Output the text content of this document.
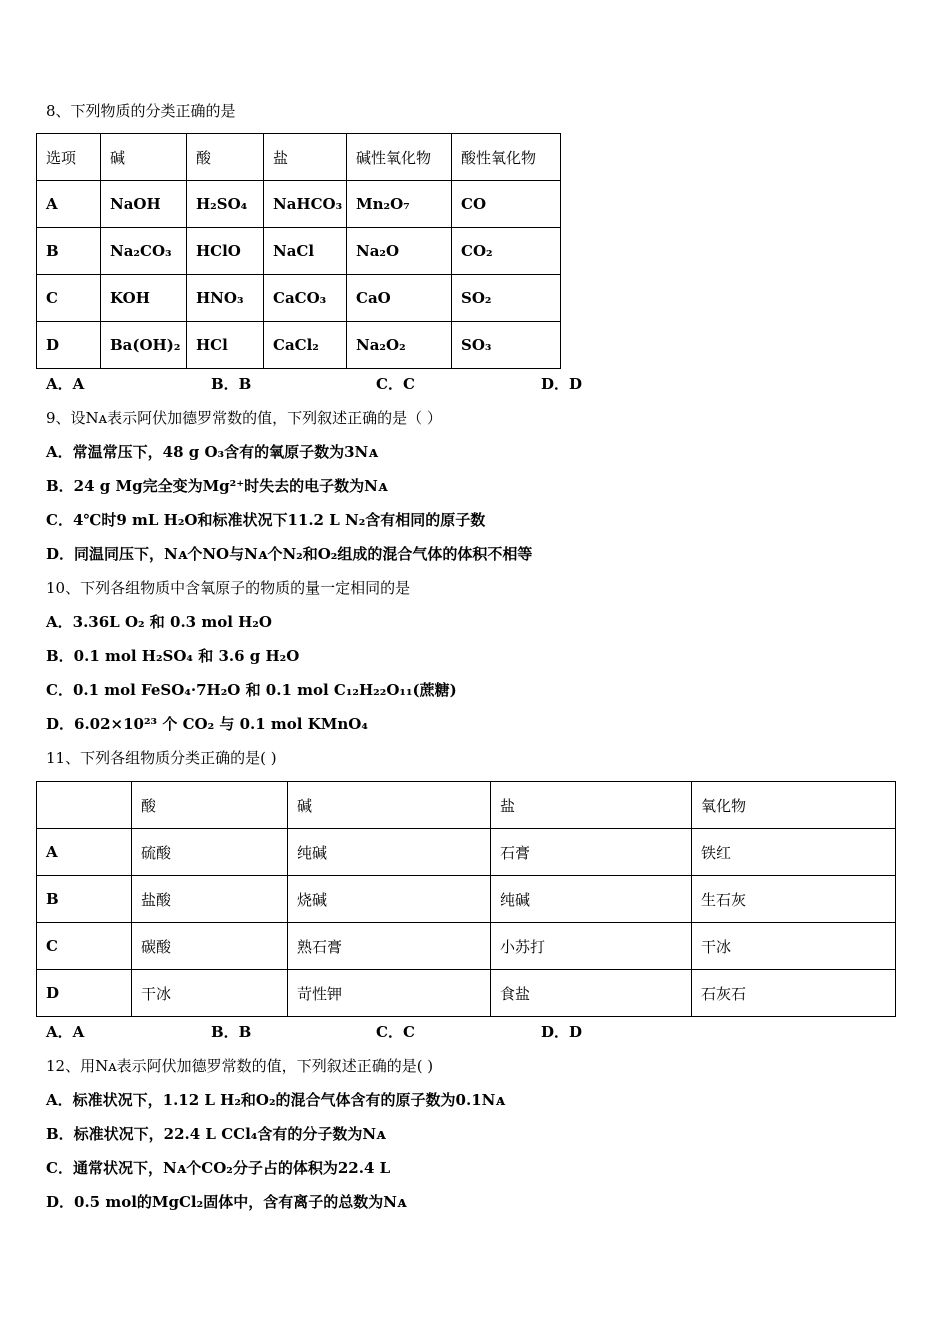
8、下列物质的分类正确的是
选项	碱	酸	盐	碱性氧化物	酸性氧化物
A	NaOH	H₂SO₄	NaHCO₃	Mn₂O₇	CO
B	Na₂CO₃	HClO	NaCl	Na₂O	CO₂
C	KOH	HNO₃	CaCO₃	CaO	SO₂
D	Ba(OH)₂	HCl	CaCl₂	Na₂O₂	SO₃
A．A	B．B	C．C	D．D
9、设Nᴀ表示阿伏加德罗常数的值，下列叙述正确的是（ ）
A．常温常压下，48 g O₃含有的氧原子数为3Nᴀ
B．24 g Mg完全变为Mg²⁺时失去的电子数为Nᴀ
C．4℃时9 mL H₂O和标准状况下11.2 L N₂含有相同的原子数
D．同温同压下，Nᴀ个NO与Nᴀ个N₂和O₂组成的混合气体的体积不相等
10、下列各组物质中含氧原子的物质的量一定相同的是
A．3.36L O₂ 和 0.3 mol H₂O
B．0.1 mol H₂SO₄ 和 3.6 g H₂O
C．0.1 mol FeSO₄·7H₂O 和 0.1 mol C₁₂H₂₂O₁₁(蔗糖)
D．6.02×10²³ 个 CO₂ 与 0.1 mol KMnO₄
11、下列各组物质分类正确的是( )
	酸	碱	盐	氧化物
A	硫酸	纯碱	石膏	铁红
B	盐酸	烧碱	纯碱	生石灰
C	碳酸	熟石膏	小苏打	干冰
D	干冰	苛性钾	食盐	石灰石
A．A	B．B	C．C	D．D
12、用Nᴀ表示阿伏加德罗常数的值，下列叙述正确的是( )
A．标准状况下，1.12 L H₂和O₂的混合气体含有的原子数为0.1Nᴀ
B．标准状况下，22.4 L CCl₄含有的分子数为Nᴀ
C．通常状况下，Nᴀ个CO₂分子占的体积为22.4 L
D．0.5 mol的MgCl₂固体中，含有离子的总数为Nᴀ
